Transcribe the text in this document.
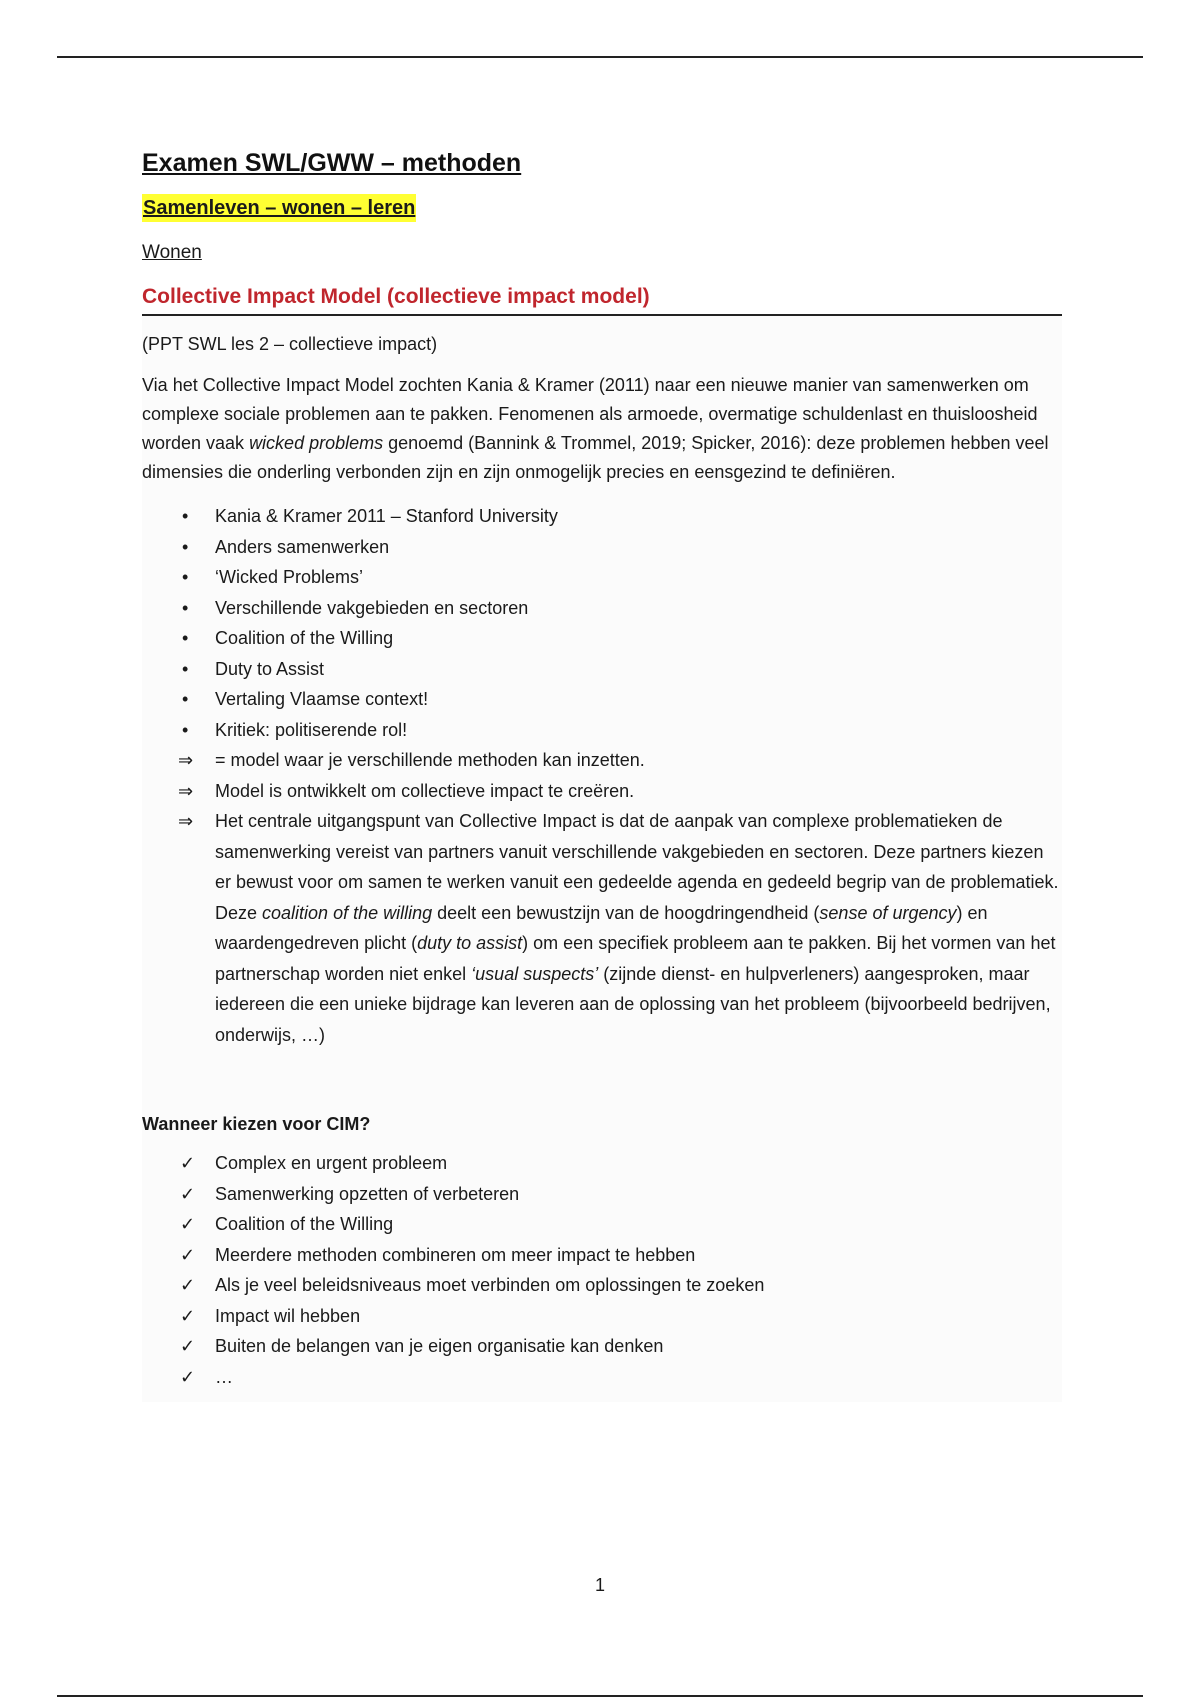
Examen SWL/GWW – methoden
Samenleven – wonen – leren
Wonen
Collective Impact Model (collectieve impact model)

(PPT SWL les 2 – collectieve impact)

Via het Collective Impact Model zochten Kania & Kramer (2011) naar een nieuwe manier van samenwerken om complexe sociale problemen aan te pakken. Fenomenen als armoede, overmatige schuldenlast en thuisloosheid worden vaak wicked problems genoemd (Bannink & Trommel, 2019; Spicker, 2016): deze problemen hebben veel dimensies die onderling verbonden zijn en zijn onmogelijk precies en eensgezind te definiëren.

•	Kania & Kramer 2011 – Stanford University
•	Anders samenwerken
•	‘Wicked Problems’
•	Verschillende vakgebieden en sectoren
•	Coalition of the Willing
•	Duty to Assist
•	Vertaling Vlaamse context!
•	Kritiek: politiserende rol!
⇒	= model waar je verschillende methoden kan inzetten.
⇒	Model is ontwikkelt om collectieve impact te creëren.
⇒	Het centrale uitgangspunt van Collective Impact is dat de aanpak van complexe problematieken de samenwerking vereist van partners vanuit verschillende vakgebieden en sectoren. Deze partners kiezen er bewust voor om samen te werken vanuit een gedeelde agenda en gedeeld begrip van de problematiek. Deze coalition of the willing deelt een bewustzijn van de hoogdringendheid (sense of urgency) en waardengedreven plicht (duty to assist) om een specifiek probleem aan te pakken. Bij het vormen van het partnerschap worden niet enkel ‘usual suspects’ (zijnde dienst- en hulpverleners) aangesproken, maar iedereen die een unieke bijdrage kan leveren aan de oplossing van het probleem (bijvoorbeeld bedrijven, onderwijs, …)
Wanneer kiezen voor CIM?
✓	Complex en urgent probleem
✓	Samenwerking opzetten of verbeteren
✓	Coalition of the Willing
✓	Meerdere methoden combineren om meer impact te hebben
✓	Als je veel beleidsniveaus moet verbinden om oplossingen te zoeken
✓	Impact wil hebben
✓	Buiten de belangen van je eigen organisatie kan denken
✓	…
1
